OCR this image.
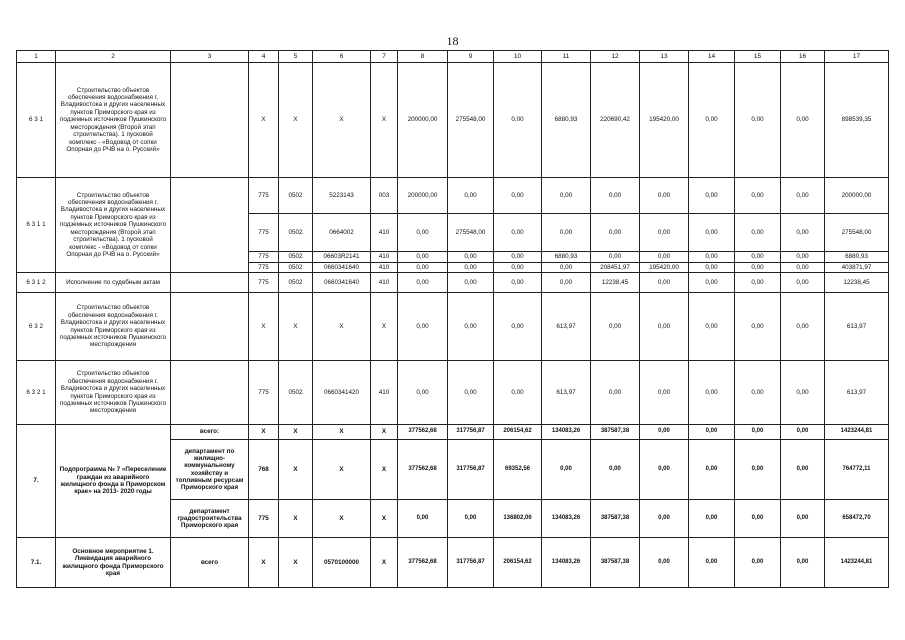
18
1	2	3	4	5	6	7	8	9	10	11	12	13	14	15	16	17
6 3 1	Строительство объектов обеспечения водоснабжения г. Владивостока и других населенных пунктов Приморского края из подземных источников Пушкинского месторождения (Второй этап строительства). 1 пусковой комплекс - «Водовод от сопки Опорная до РЧВ на о. Русский»		X	X	X	X	200000,00	275548,00	0,00	6880,93	220690,42	195420,00	0,00	0,00	0,00	898539,35
6 3 1 1	Строительство объектов обеспечения водоснабжения г. Владивостока и других населенных пунктов Приморского края из подземных источников Пушкинского месторождения (Второй этап строительства). 1 пусковой комплекс - «Водовод от сопки Опорная до РЧВ на о. Русский»		775	0502	5223143	003	200000,00	0,00	0,00	0,00	0,00	0,00	0,00	0,00	0,00	200000,00
			775	0502	0664002	410	0,00	275548,00	0,00	0,00	0,00	0,00	0,00	0,00	0,00	275548,00
			775	0502	06603R2141	410	0,00	0,00	0,00	6880,93	0,00	0,00	0,00	0,00	0,00	6880,93
			775	0502	0660341640	410	0,00	0,00	0,00	0,00	208451,97	195420,00	0,00	0,00	0,00	403871,97
6 3 1 2	Исполнение по судебным актам		775	0502	0660341640	410	0,00	0,00	0,00	0,00	12238,45	0,00	0,00	0,00	0,00	12238,45
6 3 2	Строительство объектов обеспечения водоснабжения г. Владивостока и других населенных пунктов Приморского края из подземных источников Пушкинского месторождения		X	X	X	X	0,00	0,00	0,00	613,97	0,00	0,00	0,00	0,00	0,00	613,97
6 3 2 1	Строительство объектов обеспечения водоснабжения г. Владивостока и других населенных пунктов Приморского края из подземных источников Пушкинского месторождения		775	0502	0660341420	410	0,00	0,00	0,00	613,97	0,00	0,00	0,00	0,00	0,00	613,97
7.	Подпрограмма № 7 «Переселение граждан из аварийного жилищного фонда в Приморском крае» на 2013- 2020 годы	всего:	X	X	X	X	377562,68	317756,87	206154,62	134083,26	387587,38	0,00	0,00	0,00	0,00	1423244,81
		департамент по жилищно-коммунальному хозяйству и топливным ресурсам Приморского края	768	X	X	X	377562,68	317756,87	69352,56	0,00	0,00	0,00	0,00	0,00	0,00	764772,11
		департамент градостроительства Приморского края	775	X	X	X	0,00	0,00	136802,06	134083,26	387587,38	0,00	0,00	0,00	0,00	658472,70
7.1.	Основное мероприятие 1. Ликвидация аварийного жилищного фонда Приморского края	всего	X	X	0570100000	X	377562,68	317756,87	206154,62	134083,26	387587,38	0,00	0,00	0,00	0,00	1423244,81
